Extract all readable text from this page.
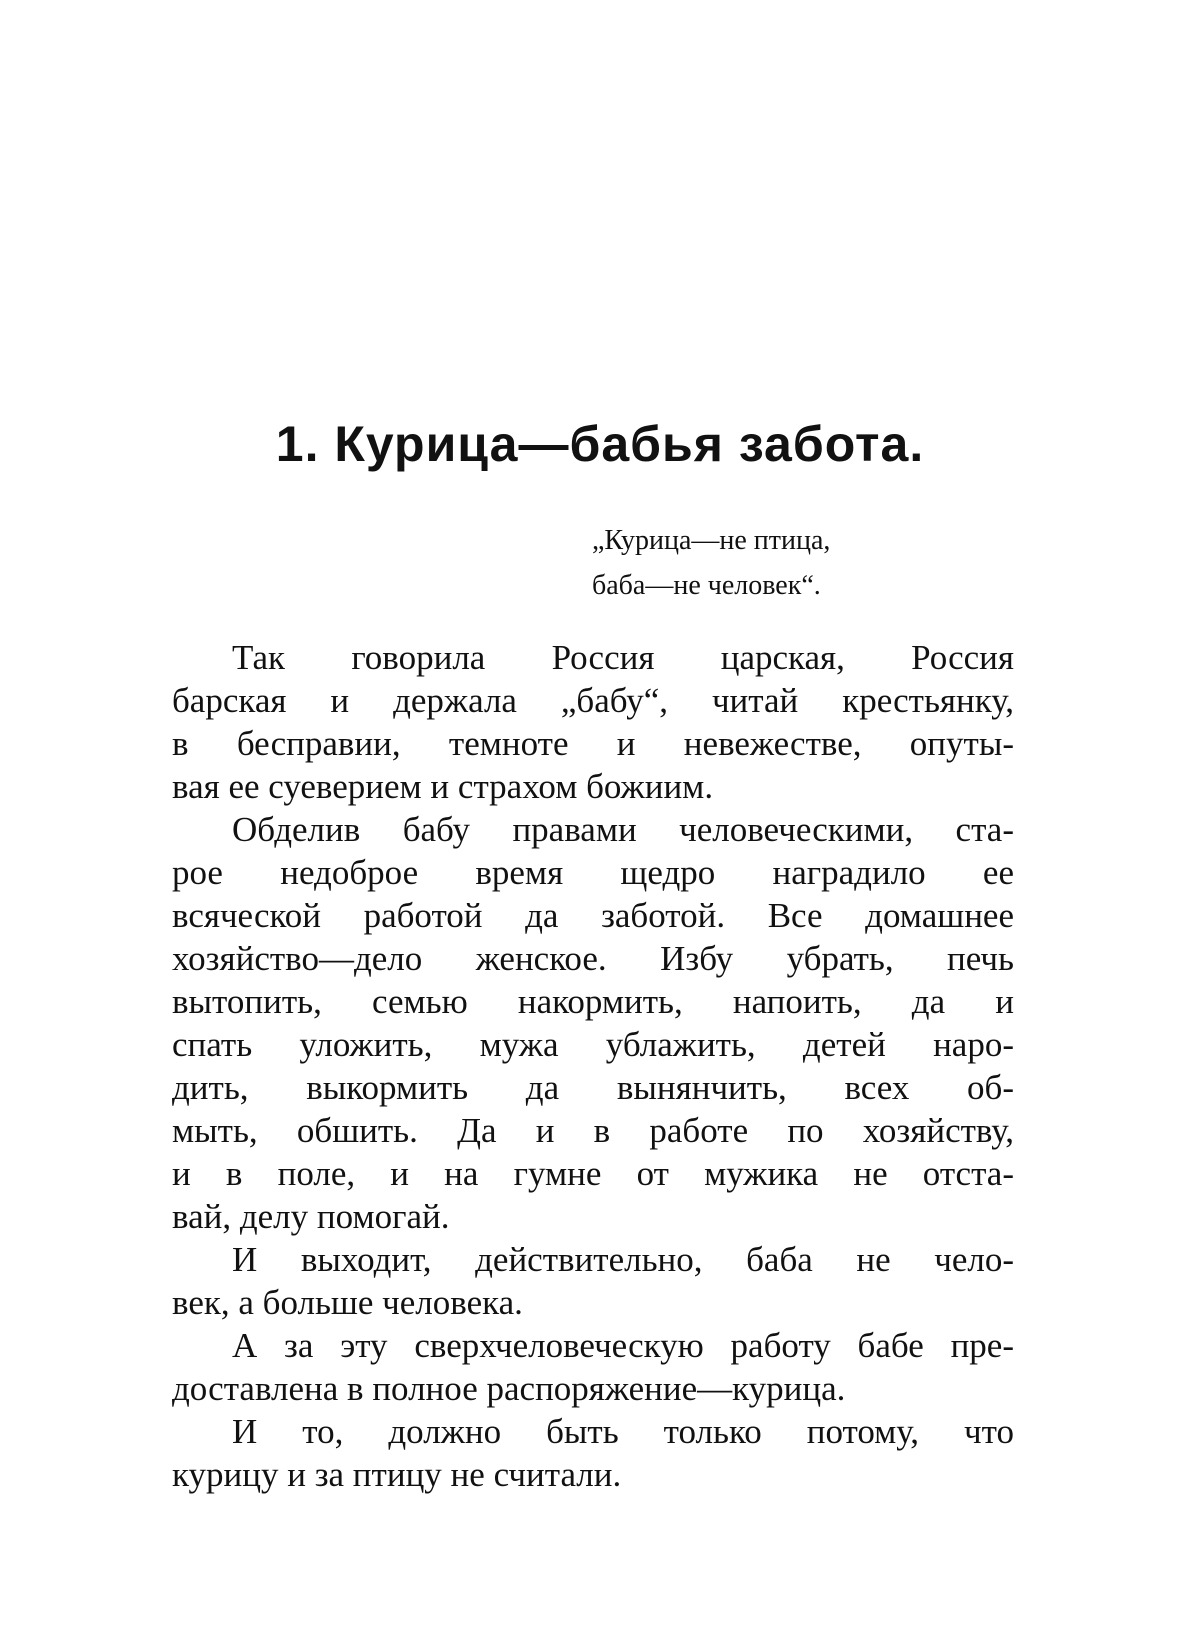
1. Курица—бабья забота.
„Курица—не птица,
баба—не человек“.
Так говорила Россия царская, Россия
барская и держала „бабу“, читай крестьянку,
в бесправии, темноте и невежестве, опуты-
вая ее суеверием и страхом божиим.
Обделив бабу правами человеческими, ста-
рое недоброе время щедро наградило ее
всяческой работой да заботой. Все домашнее
хозяйство—дело женское. Избу убрать, печь
вытопить, семью накормить, напоить, да и
спать уложить, мужа ублажить, детей наро-
дить, выкормить да вынянчить, всех об-
мыть, обшить. Да и в работе по хозяйству,
и в поле, и на гумне от мужика не отста-
вай, делу помогай.
И выходит, действительно, баба не чело-
век, а больше человека.
А за эту сверхчеловеческую работу бабе пре-
доставлена в полное распоряжение—курица.
И то, должно быть только потому, что
курицу и за птицу не считали.
